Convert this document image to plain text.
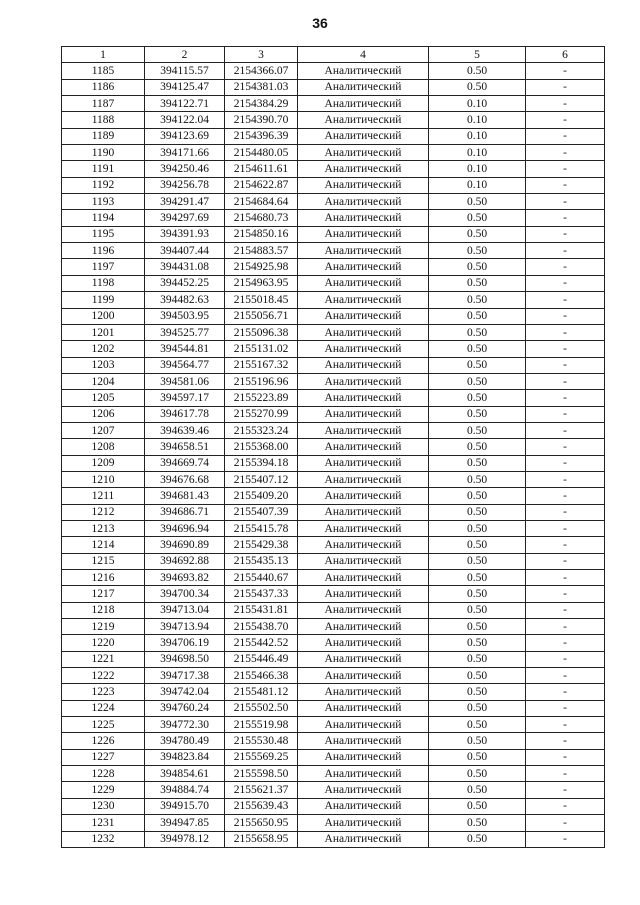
36
1	2	3	4	5	6
1185	394115.57	2154366.07	Аналитический	0.50	-
1186	394125.47	2154381.03	Аналитический	0.50	-
1187	394122.71	2154384.29	Аналитический	0.10	-
1188	394122.04	2154390.70	Аналитический	0.10	-
1189	394123.69	2154396.39	Аналитический	0.10	-
1190	394171.66	2154480.05	Аналитический	0.10	-
1191	394250.46	2154611.61	Аналитический	0.10	-
1192	394256.78	2154622.87	Аналитический	0.10	-
1193	394291.47	2154684.64	Аналитический	0.50	-
1194	394297.69	2154680.73	Аналитический	0.50	-
1195	394391.93	2154850.16	Аналитический	0.50	-
1196	394407.44	2154883.57	Аналитический	0.50	-
1197	394431.08	2154925.98	Аналитический	0.50	-
1198	394452.25	2154963.95	Аналитический	0.50	-
1199	394482.63	2155018.45	Аналитический	0.50	-
1200	394503.95	2155056.71	Аналитический	0.50	-
1201	394525.77	2155096.38	Аналитический	0.50	-
1202	394544.81	2155131.02	Аналитический	0.50	-
1203	394564.77	2155167.32	Аналитический	0.50	-
1204	394581.06	2155196.96	Аналитический	0.50	-
1205	394597.17	2155223.89	Аналитический	0.50	-
1206	394617.78	2155270.99	Аналитический	0.50	-
1207	394639.46	2155323.24	Аналитический	0.50	-
1208	394658.51	2155368.00	Аналитический	0.50	-
1209	394669.74	2155394.18	Аналитический	0.50	-
1210	394676.68	2155407.12	Аналитический	0.50	-
1211	394681.43	2155409.20	Аналитический	0.50	-
1212	394686.71	2155407.39	Аналитический	0.50	-
1213	394696.94	2155415.78	Аналитический	0.50	-
1214	394690.89	2155429.38	Аналитический	0.50	-
1215	394692.88	2155435.13	Аналитический	0.50	-
1216	394693.82	2155440.67	Аналитический	0.50	-
1217	394700.34	2155437.33	Аналитический	0.50	-
1218	394713.04	2155431.81	Аналитический	0.50	-
1219	394713.94	2155438.70	Аналитический	0.50	-
1220	394706.19	2155442.52	Аналитический	0.50	-
1221	394698.50	2155446.49	Аналитический	0.50	-
1222	394717.38	2155466.38	Аналитический	0.50	-
1223	394742.04	2155481.12	Аналитический	0.50	-
1224	394760.24	2155502.50	Аналитический	0.50	-
1225	394772.30	2155519.98	Аналитический	0.50	-
1226	394780.49	2155530.48	Аналитический	0.50	-
1227	394823.84	2155569.25	Аналитический	0.50	-
1228	394854.61	2155598.50	Аналитический	0.50	-
1229	394884.74	2155621.37	Аналитический	0.50	-
1230	394915.70	2155639.43	Аналитический	0.50	-
1231	394947.85	2155650.95	Аналитический	0.50	-
1232	394978.12	2155658.95	Аналитический	0.50	-
